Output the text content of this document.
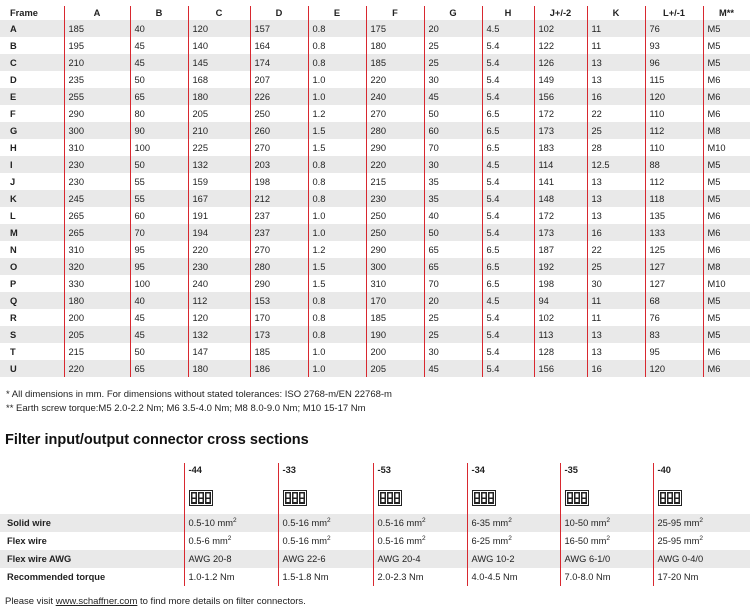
Frame	A	B	C	D	E	F	G	H	J+/-2	K	L+/-1	M**
A	185	40	120	157	0.8	175	20	4.5	102	11	76	M5
B	195	45	140	164	0.8	180	25	5.4	122	11	93	M5
C	210	45	145	174	0.8	185	25	5.4	126	13	96	M5
D	235	50	168	207	1.0	220	30	5.4	149	13	115	M6
E	255	65	180	226	1.0	240	45	5.4	156	16	120	M6
F	290	80	205	250	1.2	270	50	6.5	172	22	110	M6
G	300	90	210	260	1.5	280	60	6.5	173	25	112	M8
H	310	100	225	270	1.5	290	70	6.5	183	28	110	M10
I	230	50	132	203	0.8	220	30	4.5	114	12.5	88	M5
J	230	55	159	198	0.8	215	35	5.4	141	13	112	M5
K	245	55	167	212	0.8	230	35	5.4	148	13	118	M5
L	265	60	191	237	1.0	250	40	5.4	172	13	135	M6
M	265	70	194	237	1.0	250	50	5.4	173	16	133	M6
N	310	95	220	270	1.2	290	65	6.5	187	22	125	M6
O	320	95	230	280	1.5	300	65	6.5	192	25	127	M8
P	330	100	240	290	1.5	310	70	6.5	198	30	127	M10
Q	180	40	112	153	0.8	170	20	4.5	94	11	68	M5
R	200	45	120	170	0.8	185	25	5.4	102	11	76	M5
S	205	45	132	173	0.8	190	25	5.4	113	13	83	M5
T	215	50	147	185	1.0	200	30	5.4	128	13	95	M6
U	220	65	180	186	1.0	205	45	5.4	156	16	120	M6
* All dimensions in mm. For dimensions without stated tolerances: ISO 2768-m/EN 22768-m
** Earth screw torque:M5 2.0-2.2 Nm; M6 3.5-4.0 Nm; M8 8.0-9.0 Nm; M10 15-17 Nm
Filter input/output connector cross sections
	-44	-33	-53	-34	-35	-40

Solid wire	0.5-10 $mm^2$	0.5-16 $mm^2$	0.5-16 $mm^2$	6-35 $mm^2$	10-50 $mm^2$	25-95 $mm^2$
Flex wire	0.5-6 $mm^2$	0.5-16 $mm^2$	0.5-16 $mm^2$	6-25 $mm^2$	16-50 $mm^2$	25-95 $mm^2$
Flex wire AWG	AWG 20-8	AWG 22-6	AWG 20-4	AWG 10-2	AWG 6-1/0	AWG 0-4/0
Recommended torque	1.0-1.2 Nm	1.5-1.8 Nm	2.0-2.3 Nm	4.0-4.5 Nm	7.0-8.0 Nm	17-20 Nm
Please visit www.schaffner.com to find more details on filter connectors.
